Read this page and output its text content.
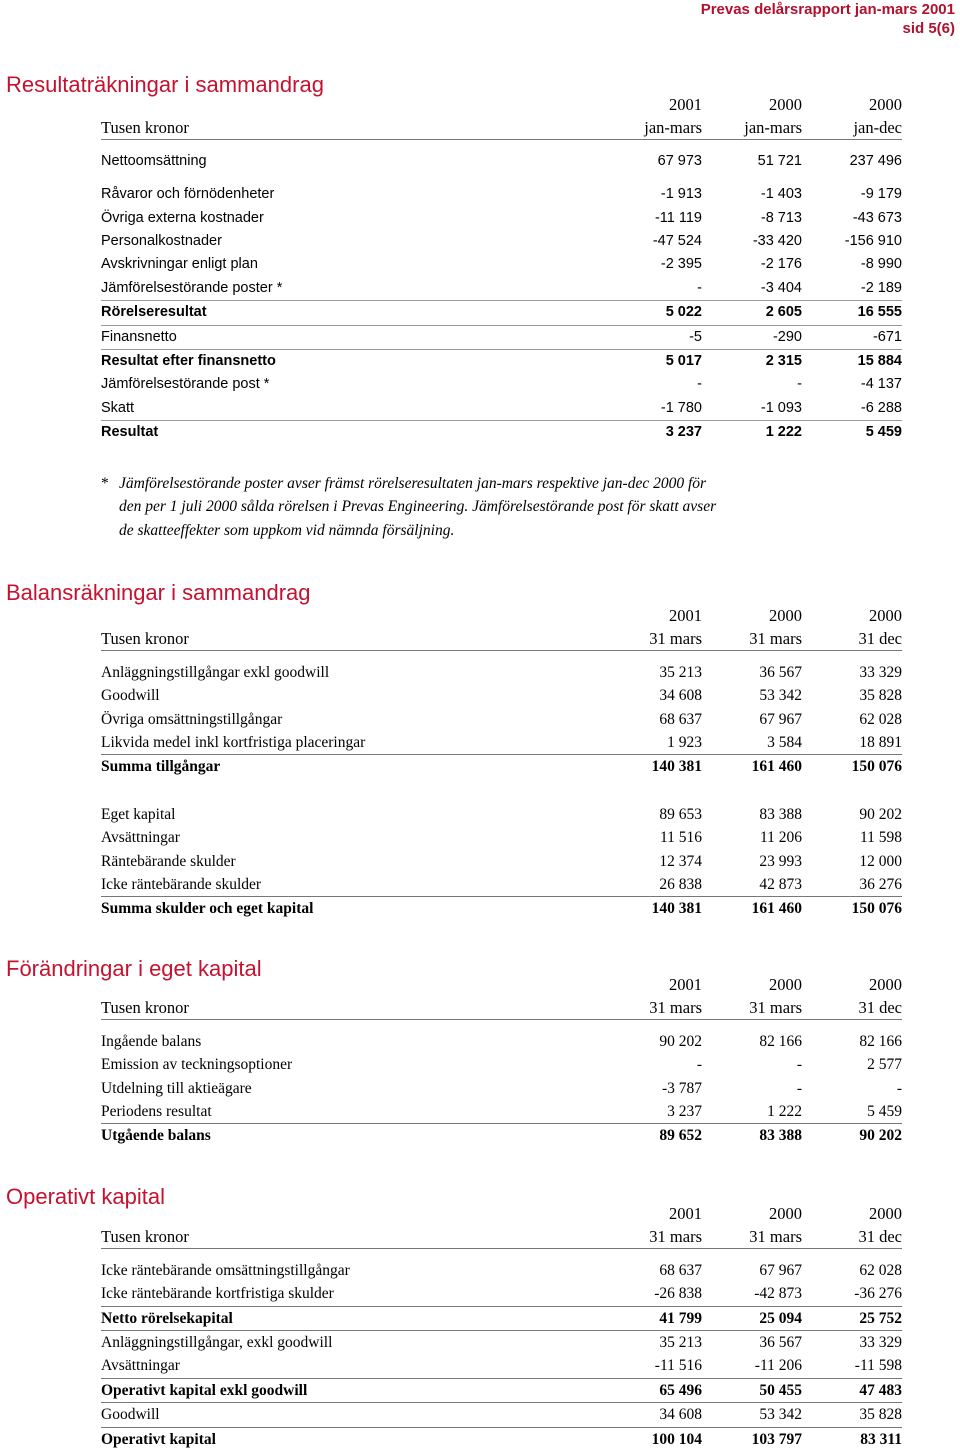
Prevas delårsrapport jan-mars 2001
sid 5(6)
Resultaträkningar i sammandrag
2001	2000	2000
Tusen kronor	jan-mars	jan-mars	jan-dec
Nettoomsättning	67 973	51 721	237 496
Råvaror och förnödenheter	-1 913	-1 403	-9 179
Övriga externa kostnader	-11 119	-8 713	-43 673
Personalkostnader	-47 524	-33 420	-156 910
Avskrivningar enligt plan	-2 395	-2 176	-8 990
Jämförelsestörande poster *	-	-3 404	-2 189
Rörelseresultat	5 022	2 605	16 555
Finansnetto	-5	-290	-671
Resultat efter finansnetto	5 017	2 315	15 884
Jämförelsestörande post *	-	-	-4 137
Skatt	-1 780	-1 093	-6 288
Resultat	3 237	1 222	5 459
* Jämförelsestörande poster avser främst rörelseresultaten jan-mars respektive jan-dec 2000 för
den per 1 juli 2000 sålda rörelsen i Prevas Engineering. Jämförelsestörande post för skatt avser
de skatteeffekter som uppkom vid nämnda försäljning.
Balansräkningar i sammandrag
2001	2000	2000
Tusen kronor	31 mars	31 mars	31 dec
Anläggningstillgångar exkl goodwill	35 213	36 567	33 329
Goodwill	34 608	53 342	35 828
Övriga omsättningstillgångar	68 637	67 967	62 028
Likvida medel inkl kortfristiga placeringar	1 923	3 584	18 891
Summa tillgångar	140 381	161 460	150 076
Eget kapital	89 653	83 388	90 202
Avsättningar	11 516	11 206	11 598
Räntebärande skulder	12 374	23 993	12 000
Icke räntebärande skulder	26 838	42 873	36 276
Summa skulder och eget kapital	140 381	161 460	150 076
Förändringar i eget kapital
2001	2000	2000
Tusen kronor	31 mars	31 mars	31 dec
Ingående balans	90 202	82 166	82 166
Emission av teckningsoptioner	-	-	2 577
Utdelning till aktieägare	-3 787	-	-
Periodens resultat	3 237	1 222	5 459
Utgående balans	89 652	83 388	90 202
Operativt kapital
2001	2000	2000
Tusen kronor	31 mars	31 mars	31 dec
Icke räntebärande omsättningstillgångar	68 637	67 967	62 028
Icke räntebärande kortfristiga skulder	-26 838	-42 873	-36 276
Netto rörelsekapital	41 799	25 094	25 752
Anläggningstillgångar, exkl goodwill	35 213	36 567	33 329
Avsättningar	-11 516	-11 206	-11 598
Operativt kapital exkl goodwill	65 496	50 455	47 483
Goodwill	34 608	53 342	35 828
Operativt kapital	100 104	103 797	83 311
